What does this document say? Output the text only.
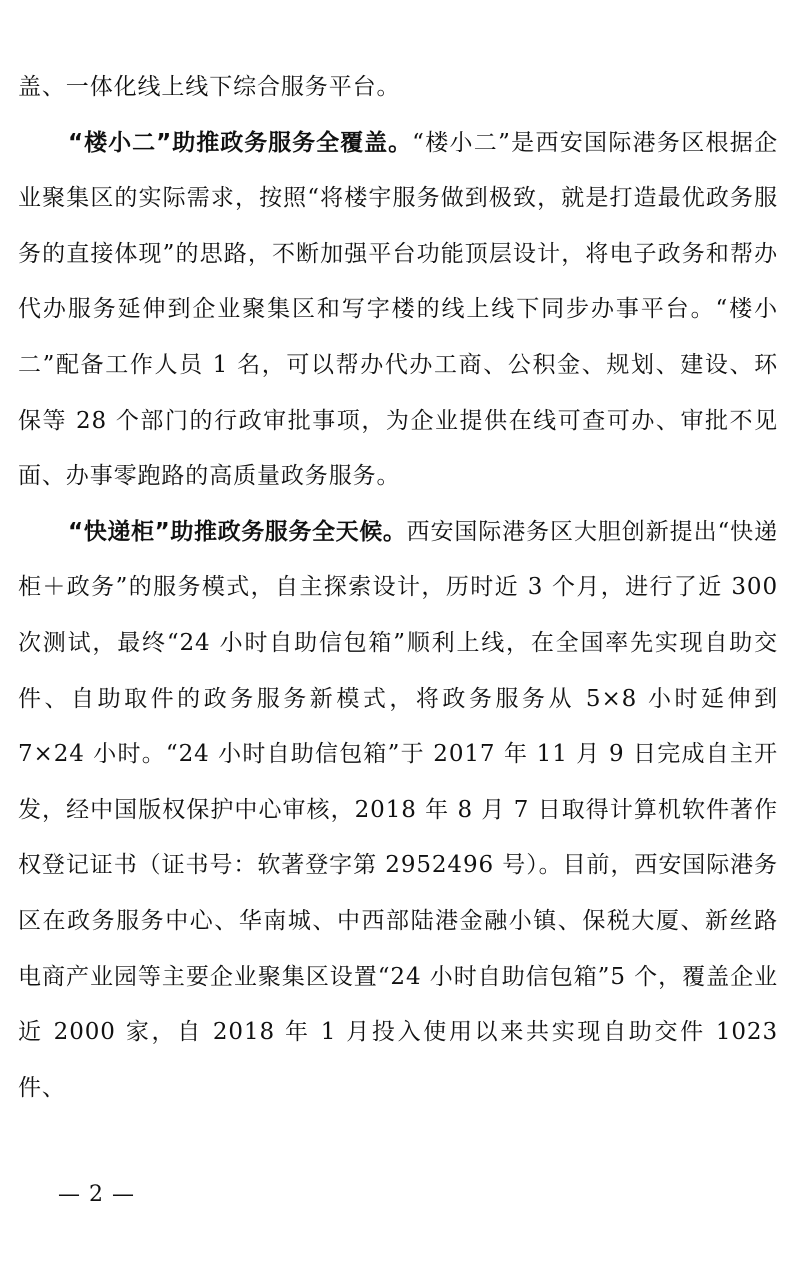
盖、一体化线上线下综合服务平台。

“楼小二”助推政务服务全覆盖。“楼小二”是西安国际港务区根据企业聚集区的实际需求，按照“将楼宇服务做到极致，就是打造最优政务服务的直接体现”的思路，不断加强平台功能顶层设计，将电子政务和帮办代办服务延伸到企业聚集区和写字楼的线上线下同步办事平台。“楼小二”配备工作人员 1 名，可以帮办代办工商、公积金、规划、建设、环保等 28 个部门的行政审批事项，为企业提供在线可查可办、审批不见面、办事零跑路的高质量政务服务。

“快递柜”助推政务服务全天候。西安国际港务区大胆创新提出“快递柜＋政务”的服务模式，自主探索设计，历时近 3 个月，进行了近 300 次测试，最终“24 小时自助信包箱”顺利上线，在全国率先实现自助交件、自助取件的政务服务新模式，将政务服务从 5×8 小时延伸到 7×24 小时。“24 小时自助信包箱”于 2017 年 11 月 9 日完成自主开发，经中国版权保护中心审核，2018 年 8 月 7 日取得计算机软件著作权登记证书（证书号：软著登字第 2952496 号）。目前，西安国际港务区在政务服务中心、华南城、中西部陆港金融小镇、保税大厦、新丝路电商产业园等主要企业聚集区设置“24 小时自助信包箱”5 个，覆盖企业近 2000 家，自 2018 年 1 月投入使用以来共实现自助交件 1023 件、

— 2 —
